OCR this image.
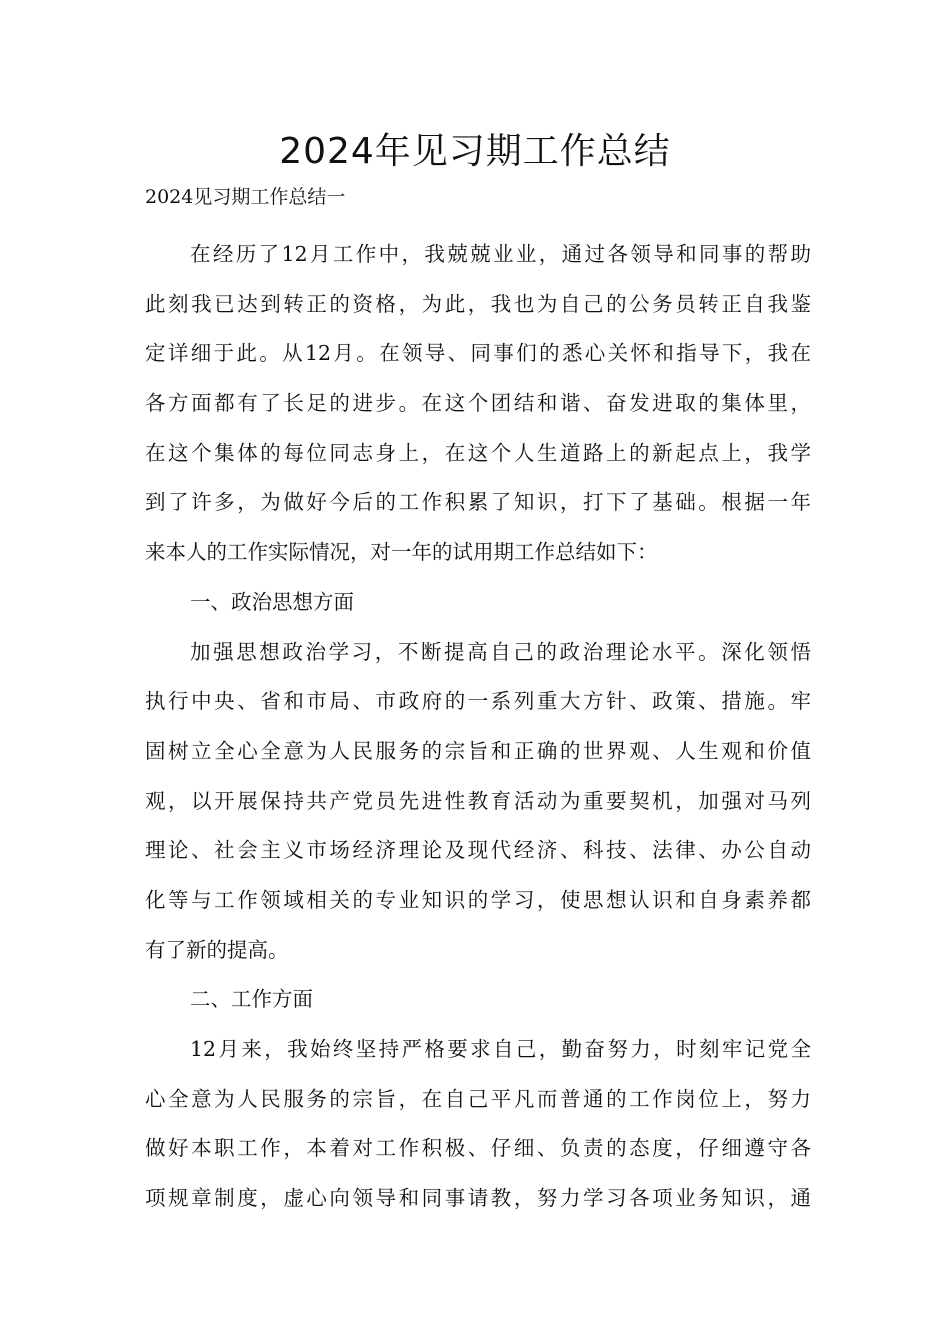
2024年见习期工作总结
2024见习期工作总结一
在经历了12月工作中，我兢兢业业，通过各领导和同事的帮助
此刻我已达到转正的资格，为此，我也为自己的公务员转正自我鉴
定详细于此。从12月。在领导、同事们的悉心关怀和指导下，我在
各方面都有了长足的进步。在这个团结和谐、奋发进取的集体里，
在这个集体的每位同志身上，在这个人生道路上的新起点上，我学
到了许多，为做好今后的工作积累了知识，打下了基础。根据一年
来本人的工作实际情况，对一年的试用期工作总结如下：
一、政治思想方面
加强思想政治学习，不断提高自己的政治理论水平。深化领悟
执行中央、省和市局、市政府的一系列重大方针、政策、措施。牢
固树立全心全意为人民服务的宗旨和正确的世界观、人生观和价值
观，以开展保持共产党员先进性教育活动为重要契机，加强对马列
理论、社会主义市场经济理论及现代经济、科技、法律、办公自动
化等与工作领域相关的专业知识的学习，使思想认识和自身素养都
有了新的提高。
二、工作方面
12月来，我始终坚持严格要求自己，勤奋努力，时刻牢记党全
心全意为人民服务的宗旨，在自己平凡而普通的工作岗位上，努力
做好本职工作，本着对工作积极、仔细、负责的态度，仔细遵守各
项规章制度，虚心向领导和同事请教，努力学习各项业务知识，通
